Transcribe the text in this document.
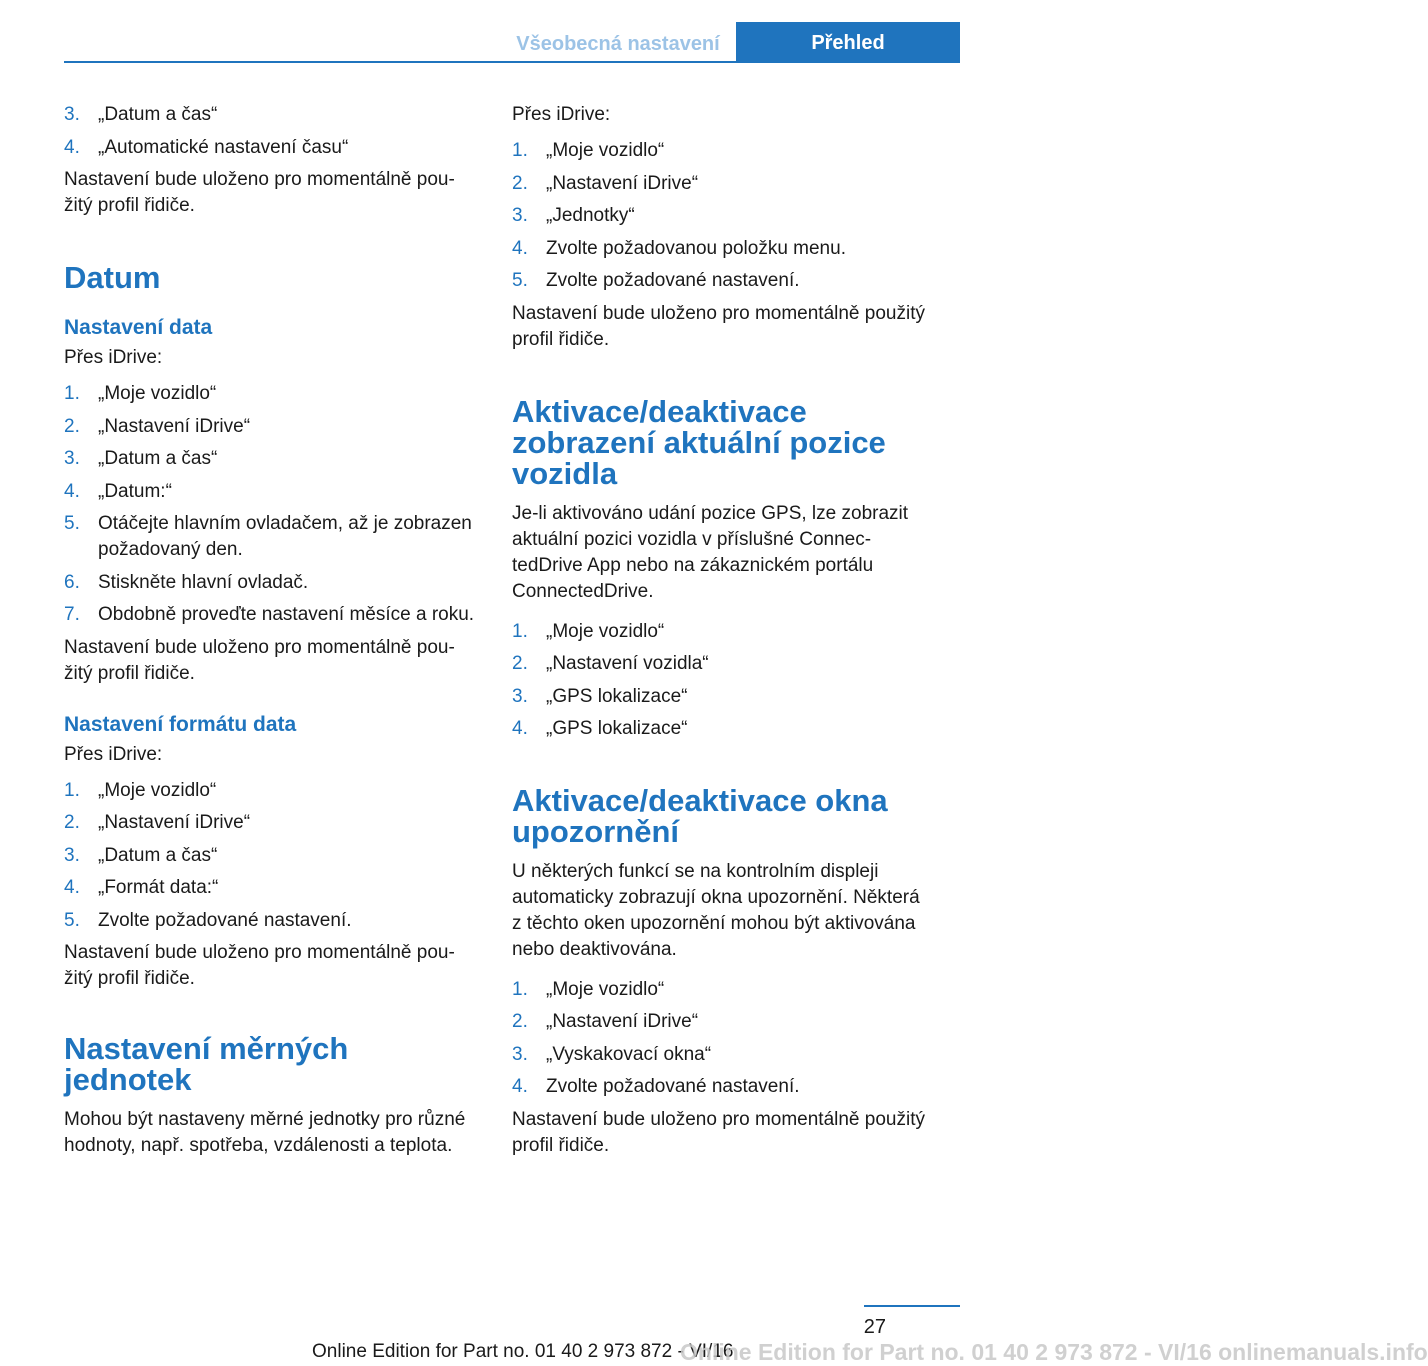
Všeobecná nastavení	Přehled
3. „Datum a čas“
4. „Automatické nastavení času“

Nastavení bude uloženo pro momentálně použitý profil řidiče.

Datum
Nastavení data

Přes iDrive:

1. „Moje vozidlo“
2. „Nastavení iDrive“
3. „Datum a čas“
4. „Datum:“
5. Otáčejte hlavním ovladačem, až je zobrazen požadovaný den.
6. Stiskněte hlavní ovladač.
7. Obdobně proveďte nastavení měsíce a roku.

Nastavení bude uloženo pro momentálně použitý profil řidiče.

Nastavení formátu data

Přes iDrive:

1. „Moje vozidlo“
2. „Nastavení iDrive“
3. „Datum a čas“
4. „Formát data:“
5. Zvolte požadované nastavení.

Nastavení bude uloženo pro momentálně použitý profil řidiče.

Nastavení měrných jednotek

Mohou být nastaveny měrné jednotky pro různé hodnoty, např. spotřeba, vzdálenosti a teplota.

Přes iDrive:

1. „Moje vozidlo“
2. „Nastavení iDrive“
3. „Jednotky“
4. Zvolte požadovanou položku menu.
5. Zvolte požadované nastavení.

Nastavení bude uloženo pro momentálně použitý profil řidiče.

Aktivace/deaktivace zobrazení aktuální pozice vozidla

Je-li aktivováno udání pozice GPS, lze zobrazit aktuální pozici vozidla v příslušné ConnectedDrive App nebo na zákaznickém portálu ConnectedDrive.

1. „Moje vozidlo“
2. „Nastavení vozidla“
3. „GPS lokalizace“
4. „GPS lokalizace“
Aktivace/deaktivace okna upozornění

U některých funkcí se na kontrolním displeji automaticky zobrazují okna upozornění. Některá z těchto oken upozornění mohou být aktivována nebo deaktivována.

1. „Moje vozidlo“
2. „Nastavení iDrive“
3. „Vyskakovací okna“
4. Zvolte požadované nastavení.

Nastavení bude uloženo pro momentálně použitý profil řidiče.

27
Online Edition for Part no. 01 40 2 973 872 - VI/16
Online Edition for Part no. 01 40 2 973 872 - VI/16 onlinemanuals.info
